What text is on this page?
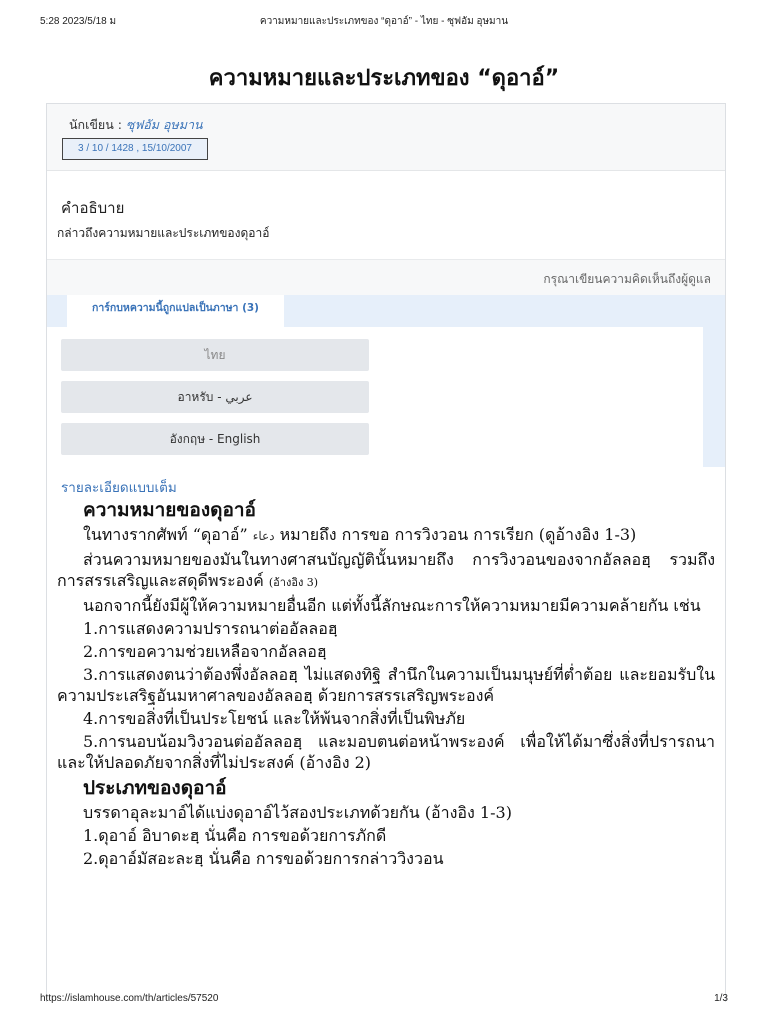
5:28 2023/5/18 ม	ความหมายและประเภทของ “ดุอาอ์” - ไทย - ซุฟอัม อุษมาน
ความหมายและประเภทของ “ดุอาอ์”
นักเขียน : ซุฟอัม อุษมาน
3 / 10 / 1428 , 15/10/2007
คำอธิบาย
กล่าวถึงความหมายและประเภทของดุอาอ์
กรุณาเขียนความคิดเห็นถึงผู้ดูแล
การ์กบหความนี้ถูกแปลเป็นภาษา (3)
ไทย
อาหรับ - عربي
อังกฤษ - English
รายละเอียดแบบเต็ม
ความหมายของดุอาอ์

ในทางรากศัพท์ “ดุอาอ์” دعاء หมายถึง การขอ การวิงวอน การเรียก (ดูอ้างอิง 1-3)

ส่วนความหมายของมันในทางศาสนบัญญัตินั้นหมายถึง การวิงวอนของจากอัลลอฮฺ รวมถึงการสรรเสริญและสดุดีพระองค์ (อ้างอิง 3)

นอกจากนี้ยังมีผู้ให้ความหมายอื่นอีก แต่ทั้งนี้ลักษณะการให้ความหมายมีความคล้ายกัน เช่น

1.การแสดงความปรารถนาต่ออัลลอฮฺ

2.การขอความช่วยเหลือจากอัลลอฮฺ

3.การแสดงตนว่าต้องพึ่งอัลลอฮฺ ไม่แสดงทิฐิ สำนึกในความเป็นมนุษย์ที่ต่ำต้อย และยอมรับในความประเสริฐอันมหาศาลของอัลลอฮฺ ด้วยการสรรเสริญพระองค์

4.การขอสิ่งที่เป็นประโยชน์ และให้พ้นจากสิ่งที่เป็นพิษภัย

5.การนอบน้อมวิงวอนต่ออัลลอฮฺ และมอบตนต่อหน้าพระองค์ เพื่อให้ได้มาซึ่งสิ่งที่ปรารถนาและให้ปลอดภัยจากสิ่งที่ไม่ประสงค์ (อ้างอิง 2)

ประเภทของดุอาอ์

บรรดาอุละมาอ์ได้แบ่งดุอาอ์ไว้สองประเภทด้วยกัน (อ้างอิง 1-3)

1.ดุอาอ์ อิบาดะฮฺ นั่นคือ การขอด้วยการภักดี

2.ดุอาอ์มัสอะละฮฺ นั่นคือ การขอด้วยการกล่าววิงวอน

https://islamhouse.com/th/articles/57520	1/3
